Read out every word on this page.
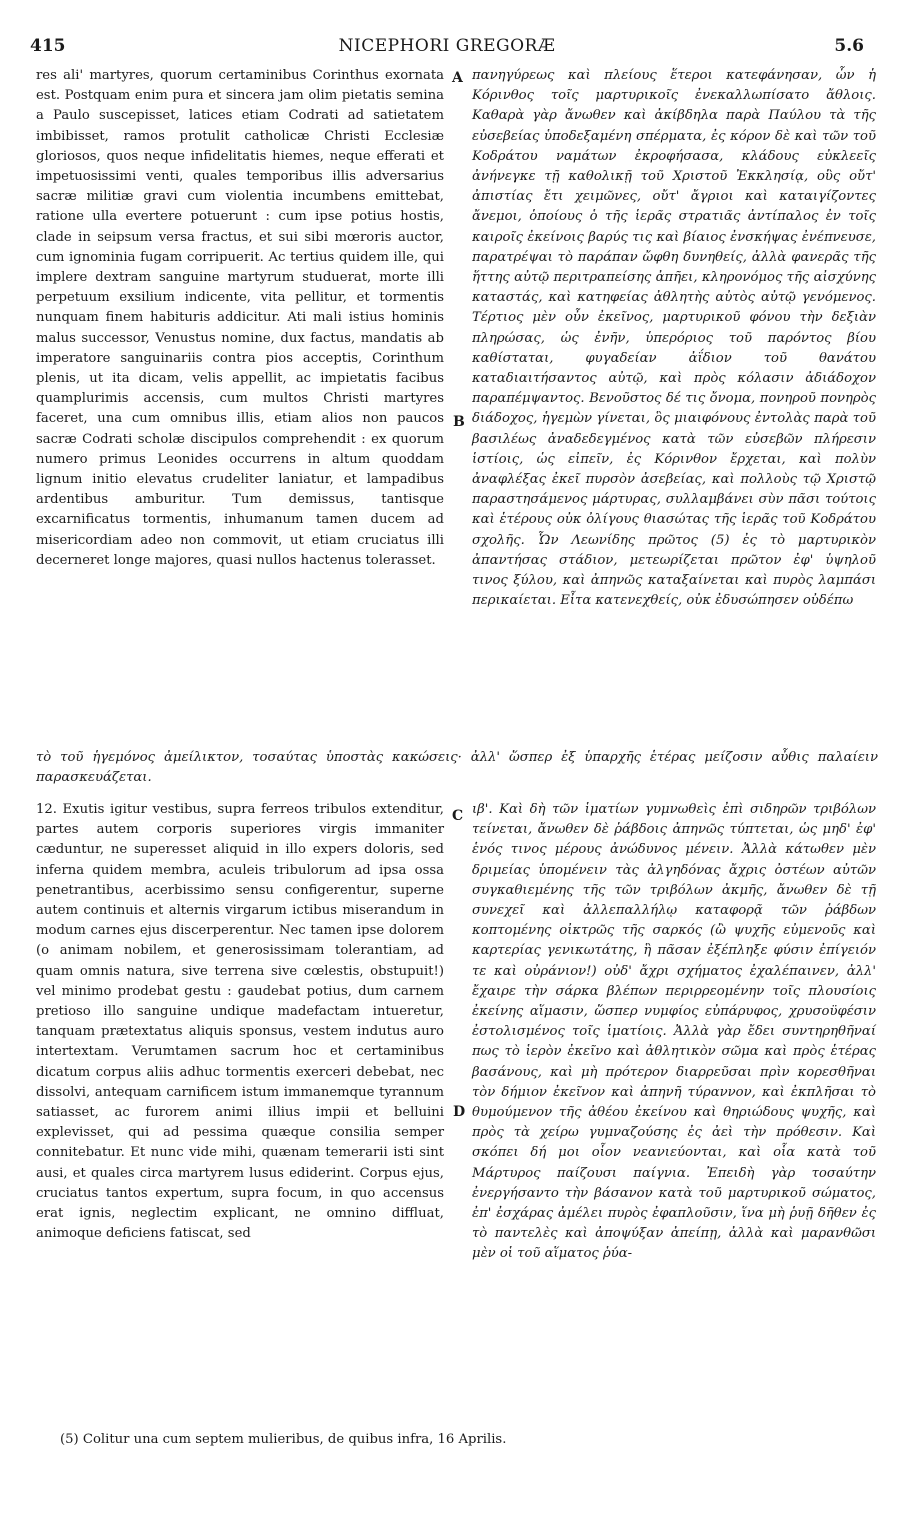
415	NICEPHORI GREGORÆ	5.6

res ali' martyres, quorum certaminibus Corinthus exornata est. Postquam enim pura et sincera jam olim pietatis semina a Paulo suscepisset, latices etiam Codrati ad satietatem imbibisset, ramos protulit catholicæ Christi Ecclesiæ gloriosos, quos neque infidelitatis hiemes, neque efferati et impetuosissimi venti, quales temporibus illis adversarius sacræ militiæ gravi cum violentia incumbens emittebat, ratione ulla evertere potuerunt : cum ipse potius hostis, clade in seipsum versa fractus, et sui sibi mœroris auctor, cum ignominia fugam corripuerit. Ac tertius quidem ille, qui implere dextram sanguine martyrum studuerat, morte illi perpetuum exsilium indicente, vita pellitur, et tormentis nunquam finem habituris addicitur. Ati mali istius hominis malus successor, Venustus nomine, dux factus, mandatis ab imperatore sanguinariis contra pios acceptis, Corinthum plenis, ut ita dicam, velis appellit, ac impietatis facibus quamplurimis accensis, cum multos Christi martyres faceret, una cum omnibus illis, etiam alios non paucos sacræ Codrati scholæ discipulos comprehendit : ex quorum numero primus Leonides occurrens in altum quoddam lignum initio elevatus crudeliter laniatur, et lampadibus ardentibus amburitur. Tum demissus, tantisque excarnificatus tormentis, inhumanum tamen ducem ad misericordiam adeo non commovit, ut etiam cruciatus illi decerneret longe majores, quasi nullos hactenus tolerasset.

A
B

πανηγύρεως καὶ πλείους ἕτεροι κατεφάνησαν, ὧν ἡ Κόρινθος τοῖς μαρτυρικοῖς ἐνεκαλλωπίσατο ἄθλοις. Καθαρὰ γὰρ ἄνωθεν καὶ ἀκίβδηλα παρὰ Παύλου τὰ τῆς εὐσεβείας ὑποδεξαμένη σπέρματα, ἐς κόρον δὲ καὶ τῶν τοῦ Κοδράτου ναμάτων ἐκροφήσασα, κλάδους εὐκλεεῖς ἀνήνεγκε τῇ καθολικῇ τοῦ Χριστοῦ Ἐκκλησίᾳ, οὓς οὔτ' ἀπιστίας ἔτι χειμῶνες, οὔτ' ἄγριοι καὶ καταιγίζοντες ἄνεμοι, ὁποίους ὁ τῆς ἱερᾶς στρατιᾶς ἀντίπαλος ἐν τοῖς καιροῖς ἐκείνοις βαρύς τις καὶ βίαιος ἐνσκήψας ἐνέπνευσε, παρατρέψαι τὸ παράπαν ὤφθη δυνηθείς, ἀλλὰ φανερᾶς τῆς ἥττης αὐτῷ περιτραπείσης ἀπῆει, κληρονόμος τῆς αἰσχύνης καταστάς, καὶ κατηφείας ἀθλητὴς αὐτὸς αὐτῷ γενόμενος. Τέρτιος μὲν οὖν ἐκεῖνος, μαρτυρικοῦ φόνου τὴν δεξιὰν πληρώσας, ὡς ἐνῆν, ὑπερόριος τοῦ παρόντος βίου καθίσταται, φυγαδείαν ἀΐδιον τοῦ θανάτου καταδιαιτήσαντος αὐτῷ, καὶ πρὸς κόλασιν ἀδιάδοχον παραπέμψαντος. Βενοῦστος δέ τις ὄνομα, πονηροῦ πονηρὸς διάδοχος, ἡγεμὼν γίνεται, ὃς μιαιφόνους ἐντολὰς παρὰ τοῦ βασιλέως ἀναδεδεγμένος κατὰ τῶν εὐσεβῶν πλήρεσιν ἱστίοις, ὡς εἰπεῖν, ἐς Κόρινθον ἔρχεται, καὶ πολὺν ἀναφλέξας ἐκεῖ πυρσὸν ἀσεβείας, καὶ πολλοὺς τῷ Χριστῷ παραστησάμενος μάρτυρας, συλλαμβάνει σὺν πᾶσι τούτοις καὶ ἑτέρους οὐκ ὀλίγους θιασώτας τῆς ἱερᾶς τοῦ Κοδράτου σχολῆς. Ὧν Λεωνίδης πρῶτος (5) ἐς τὸ μαρτυρικὸν ἀπαντήσας στάδιον, μετεωρίζεται πρῶτον ἐφ' ὑψηλοῦ τινος ξύλου, καὶ ἀπηνῶς καταξαίνεται καὶ πυρὸς λαμπάσι περικαίεται. Εἶτα κατενεχθείς, οὐκ ἐδυσώπησεν οὐδέπω

τὸ τοῦ ἡγεμόνος ἀμείλικτον, τοσαύτας ὑποστὰς κακώσεις· ἀλλ' ὥσπερ ἐξ ὑπαρχῆς ἑτέρας μείζοσιν αὖθις παλαίειν παρασκευάζεται.

12. Exutis igitur vestibus, supra ferreos tribulos extenditur, partes autem corporis superiores virgis immaniter cæduntur, ne superesset aliquid in illo expers doloris, sed inferna quidem membra, aculeis tribulorum ad ipsa ossa penetrantibus, acerbissimo sensu configerentur, superne autem continuis et alternis virgarum ictibus miserandum in modum carnes ejus discerperentur. Nec tamen ipse dolorem (o animam nobilem, et generosissimam tolerantiam, ad quam omnis natura, sive terrena sive cœlestis, obstupuit!) vel minimo prodebat gestu : gaudebat potius, dum carnem pretioso illo sanguine undique madefactam intueretur, tanquam prætextatus aliquis sponsus, vestem indutus auro intertextam. Verumtamen sacrum hoc et certaminibus dicatum corpus aliis adhuc tormentis exerceri debebat, nec dissolvi, antequam carnificem istum immanemque tyrannum satiasset, ac furorem animi illius impii et belluini explevisset, qui ad pessima quæque consilia semper connitebatur. Et nunc vide mihi, quænam temerarii isti sint ausi, et quales circa martyrem lusus ediderint. Corpus ejus, cruciatus tantos expertum, supra focum, in quo accensus erat ignis, neglectim explicant, ne omnino diffluat, animoque deficiens fatiscat, sed

C
D

ιβ'. Καὶ δὴ τῶν ἱματίων γυμνωθεὶς ἐπὶ σιδηρῶν τριβόλων τείνεται, ἄνωθεν δὲ ῥάβδοις ἀπηνῶς τύπτεται, ὡς μηδ' ἐφ' ἑνός τινος μέρους ἀνώδυνος μένειν. Ἀλλὰ κάτωθεν μὲν δριμείας ὑπομένειν τὰς ἀλγηδόνας ἄχρις ὀστέων αὐτῶν συγκαθιεμένης τῆς τῶν τριβόλων ἀκμῆς, ἄνωθεν δὲ τῇ συνεχεῖ καὶ ἀλλεπαλλήλῳ καταφορᾷ τῶν ῥάβδων κοπτομένης οἰκτρῶς τῆς σαρκός (ὢ ψυχῆς εὐμενοῦς καὶ καρτερίας γενικωτάτης, ἣ πᾶσαν ἐξέπληξε φύσιν ἐπίγειόν τε καὶ οὐράνιον!) οὐδ' ἄχρι σχήματος ἐχαλέπαινεν, ἀλλ' ἔχαιρε τὴν σάρκα βλέπων περιρρεομένην τοῖς πλουσίοις ἐκείνης αἵμασιν, ὥσπερ νυμφίος εὐπάρυφος, χρυσοϋφέσιν ἐστολισμένος τοῖς ἱματίοις. Ἀλλὰ γὰρ ἔδει συντηρηθῆναί πως τὸ ἱερὸν ἐκεῖνο καὶ ἀθλητικὸν σῶμα καὶ πρὸς ἑτέρας βασάνους, καὶ μὴ πρότερον διαρρεῦσαι πρὶν κορεσθῆναι τὸν δήμιον ἐκεῖνον καὶ ἀπηνῆ τύραννον, καὶ ἐκπλῆσαι τὸ θυμούμενον τῆς ἀθέου ἐκείνου καὶ θηριώδους ψυχῆς, καὶ πρὸς τὰ χείρω γυμναζούσης ἐς ἀεὶ τὴν πρόθεσιν. Καὶ σκόπει δή μοι οἷον νεανιεύονται, καὶ οἷα κατὰ τοῦ Μάρτυρος παίζουσι παίγνια. Ἐπειδὴ γὰρ τοσαύτην ἐνεργήσαντο τὴν βάσανον κατὰ τοῦ μαρτυρικοῦ σώματος, ἐπ' ἐσχάρας ἀμέλει πυρὸς ἐφαπλοῦσιν, ἵνα μὴ ῥυῇ δῆθεν ἐς τὸ παντελὲς καὶ ἀποψύξαν ἀπείπῃ, ἀλλὰ καὶ μαρανθῶσι μὲν οἱ τοῦ αἵματος ῥύα-

(5) Colitur una cum septem mulieribus, de quibus infra, 16 Aprilis.
